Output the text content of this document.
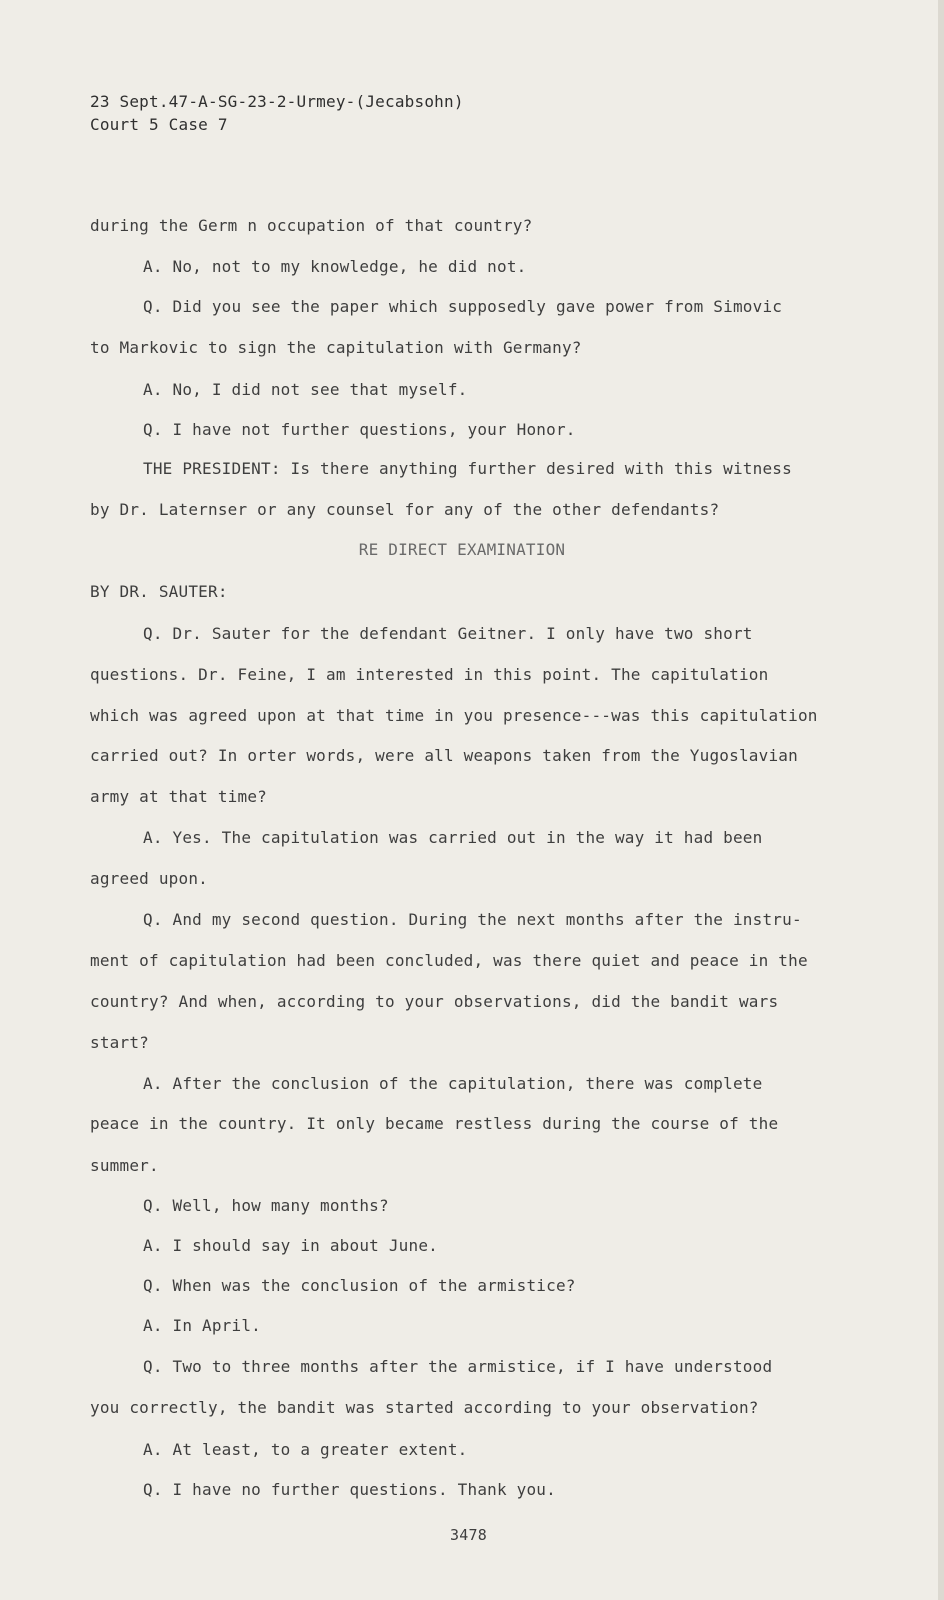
23 Sept.47-A-SG-23-2-Urmey-(Jecabsohn)
Court 5 Case 7
during the Germ n occupation of that country?
A. No, not to my knowledge, he did not.
Q. Did you see the paper which supposedly gave power from Simovic
to Markovic to sign the capitulation with Germany?
A. No, I did not see that myself.
Q. I have not further questions, your Honor.
THE PRESIDENT: Is there anything further desired with this witness
by Dr. Laternser or any counsel for any of the other defendants?
RE DIRECT EXAMINATION
BY DR. SAUTER:
Q. Dr. Sauter for the defendant Geitner. I only have two short
questions. Dr. Feine, I am interested in this point. The capitulation
which was agreed upon at that time in you presence---was this capitulation
carried out? In orter words, were all weapons taken from the Yugoslavian
army at that time?
A. Yes. The capitulation was carried out in the way it had been
agreed upon.
Q. And my second question. During the next months after the instru-
ment of capitulation had been concluded, was there quiet and peace in the
country? And when, according to your observations, did the bandit wars
start?
A. After the conclusion of the capitulation, there was complete
peace in the country. It only became restless during the course of the
summer.
Q. Well, how many months?
A. I should say in about June.
Q. When was the conclusion of the armistice?
A. In April.
Q. Two to three months after the armistice, if I have understood
you correctly, the bandit was started according to your observation?
A. At least, to a greater extent.
Q. I have no further questions. Thank you.
3478
